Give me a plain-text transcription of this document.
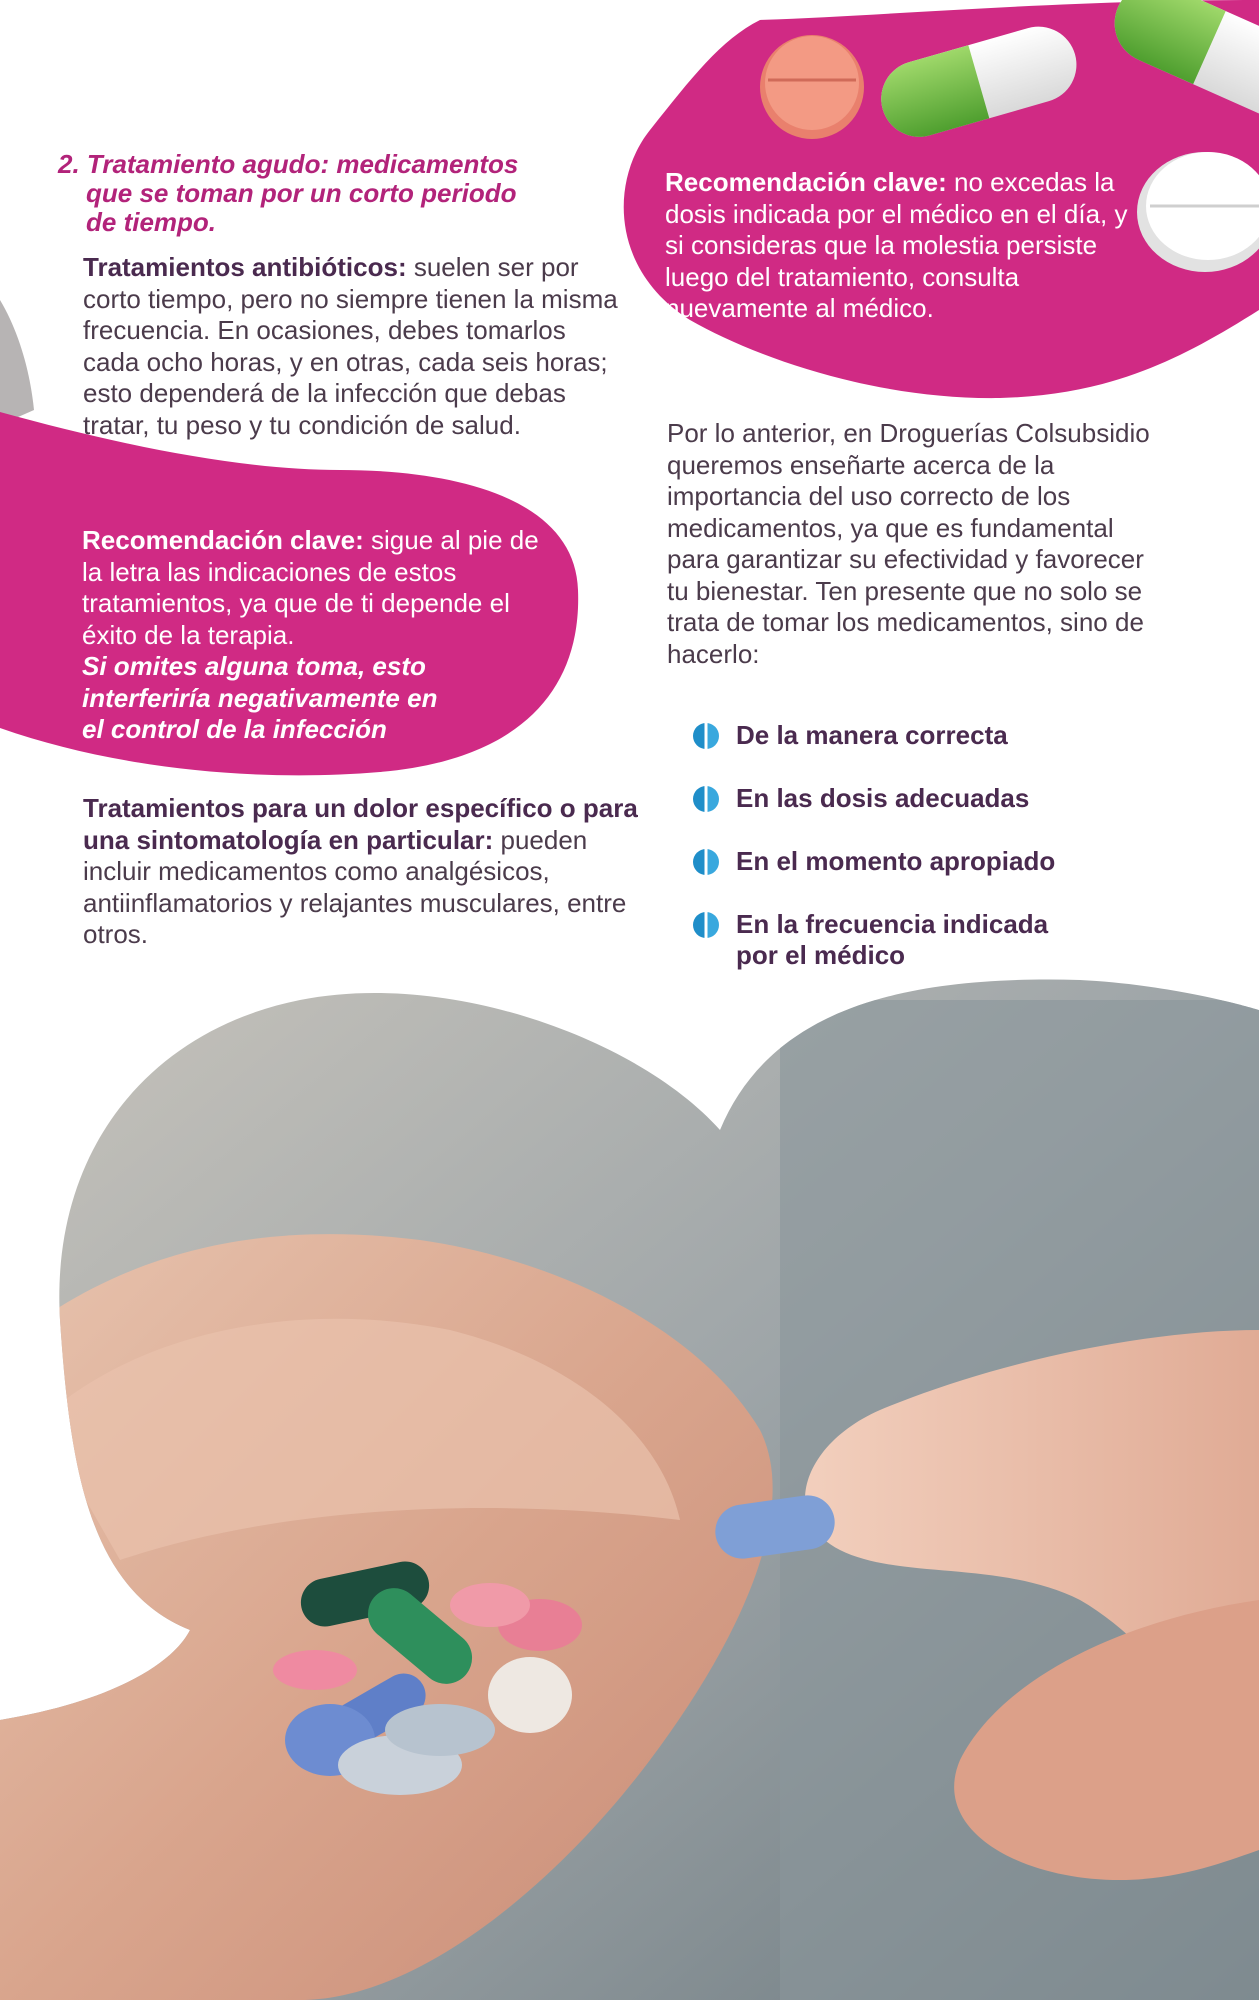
2. Tratamiento agudo: medicamentos
que se toman por un corto periodo
de tiempo.
Tratamientos antibióticos: suelen ser por corto tiempo, pero no siempre tienen la misma frecuencia. En ocasiones, debes tomarlos cada ocho horas, y en otras, cada seis horas; esto dependerá de la infección que debas tratar, tu peso y tu condición de salud.
Recomendación clave: sigue al pie de la letra las indicaciones de estos tratamientos, ya que de ti depende el éxito de la terapia.
Si omites alguna toma, esto interferiría negativamente en el control de la infección
Tratamientos para un dolor específico o para una sintomatología en particular: pueden incluir medicamentos como analgésicos, antiinflamatorios y relajantes musculares, entre otros.
Recomendación clave: no excedas la dosis indicada por el médico en el día, y si consideras que la molestia persiste luego del tratamiento, consulta nuevamente al médico.
Por lo anterior, en Droguerías Colsubsidio queremos enseñarte acerca de la importancia del uso correcto de los medicamentos, ya que es fundamental para garantizar su efectividad y favorecer tu bienestar. Ten presente que no solo se trata de tomar los medicamentos, sino de hacerlo:
De la manera correcta
En las dosis adecuadas
En el momento apropiado
En la frecuencia indicada por el médico
